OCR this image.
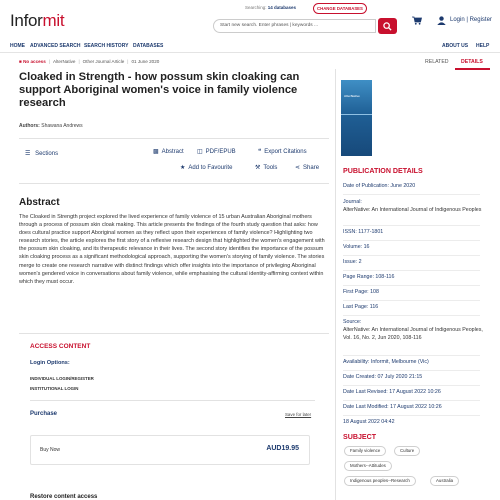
Informit
Searching: 14 databases	CHANGE DATABASES
Start new search. Enter phrases | keywords ...
Login | Register
HOME ADVANCED SEARCH SEARCH HISTORY DATABASES	ABOUT US HELP
■ No access | AlterNative | Other Journal Article | 01 June 2020
Cloaked in Strength - how possum skin cloaking can support Aboriginal women's voice in family violence research
Authors: Shawana Andrews
☰ Sections	▩ Abstract ◫ PDF/EPUB	❝ Export Citations
★ Add to Favourite	⚒ Tools	⋖ Share
Abstract
The Cloaked in Strength project explored the lived experience of family violence of 15 urban Australian Aboriginal mothers through a process of possum skin cloak making. This article presents the findings of the fourth study question that asks: how does cultural practice support Aboriginal women as they reflect upon their experiences of family violence? Highlighting two research stories, the article explores the first story of a reflexive research design that highlighted the women's engagement with the possum skin cloaking, and its therapeutic relevance in their lives. The second story identifies the importance of the possum skin cloaking process as a significant methodological approach, supporting the women's storying of family violence. The stories merge to create one research narrative with distinct findings which offer insights into the importance of privileging Aboriginal women's gendered voice in conversations about family violence, while emphasising the cultural identity-affirming context within which they must occur.
ACCESS CONTENT
Login Options:
INDIVIDUAL LOGIN/REGISTER
INSTITUTIONAL LOGIN
Purchase	Save for later
Buy Now	AUD19.95
Restore content access
RELATED DETAILS
AlterNative
PUBLICATION DETAILS
Date of Publication: June 2020
Journal:
AlterNative: An International Journal of Indigenous Peoples
ISSN: 1177-1801
Volume: 16
Issue: 2
Page Range: 108-116
First Page: 108
Last Page: 116
Source:
AlterNative: An International Journal of Indigenous Peoples, Vol. 16, No. 2, Jun 2020, 108-116
Availability: Informit, Melbourne (Vic)
Date Created: 07 July 2020 21:15
Date Last Revised: 17 August 2022 10:26
Date Last Modified: 17 August 2022 10:26
18 August 2022 04:42
SUBJECT
Family violence	Culture
Mothers--Attitudes
Indigenous peoples--Research	Australia
